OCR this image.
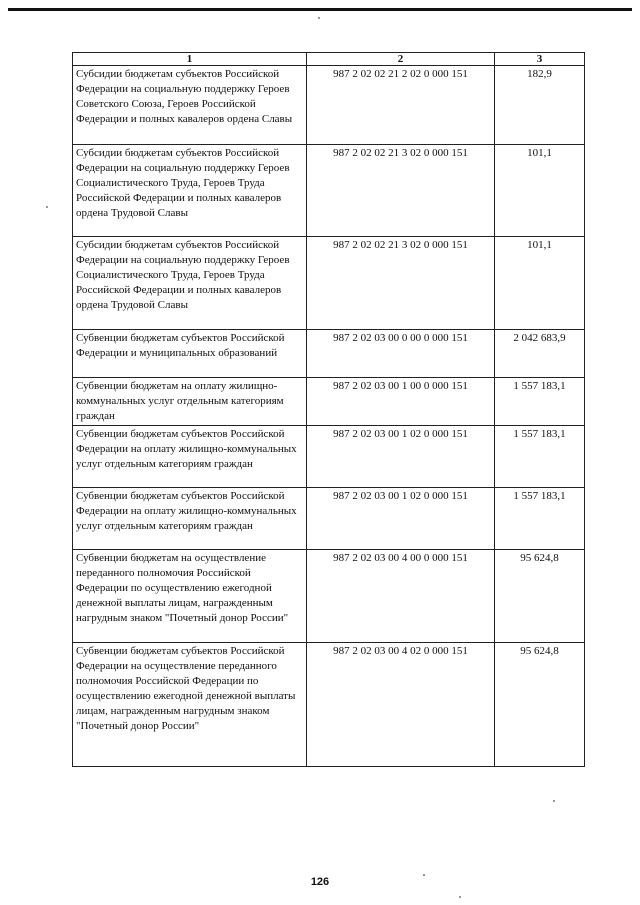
1	2	3
Субсидии бюджетам субъектов Российской Федерации на социальную поддержку Героев Советского Союза, Героев Российской Федерации и полных кавалеров ордена Славы	987 2 02 02 21 2 02 0 000 151	182,9
Субсидии бюджетам субъектов Российской Федерации на социальную поддержку Героев Социалистического Труда, Героев Труда Российской Федерации и полных кавалеров ордена Трудовой Славы	987 2 02 02 21 3 02 0 000 151	101,1
Субсидии бюджетам субъектов Российской Федерации на социальную поддержку Героев Социалистического Труда, Героев Труда Российской Федерации и полных кавалеров ордена Трудовой Славы	987 2 02 02 21 3 02 0 000 151	101,1
Субвенции бюджетам субъектов Российской Федерации и муниципальных образований	987 2 02 03 00 0 00 0 000 151	2 042 683,9
Субвенции бюджетам на оплату жилищно-коммунальных услуг отдельным категориям граждан	987 2 02 03 00 1 00 0 000 151	1 557 183,1
Субвенции бюджетам субъектов Российской Федерации на оплату жилищно-коммунальных услуг отдельным категориям граждан	987 2 02 03 00 1 02 0 000 151	1 557 183,1
Субвенции бюджетам субъектов Российской Федерации на оплату жилищно-коммунальных услуг отдельным категориям граждан	987 2 02 03 00 1 02 0 000 151	1 557 183,1
Субвенции бюджетам на осуществление переданного полномочия Российской Федерации по осуществлению ежегодной денежной выплаты лицам, награжденным нагрудным знаком "Почетный донор России"	987 2 02 03 00 4 00 0 000 151	95 624,8
Субвенции бюджетам субъектов Российской Федерации на осуществление переданного полномочия Российской Федерации по осуществлению ежегодной денежной выплаты лицам, награжденным нагрудным знаком "Почетный донор России"	987 2 02 03 00 4 02 0 000 151	95 624,8
126
